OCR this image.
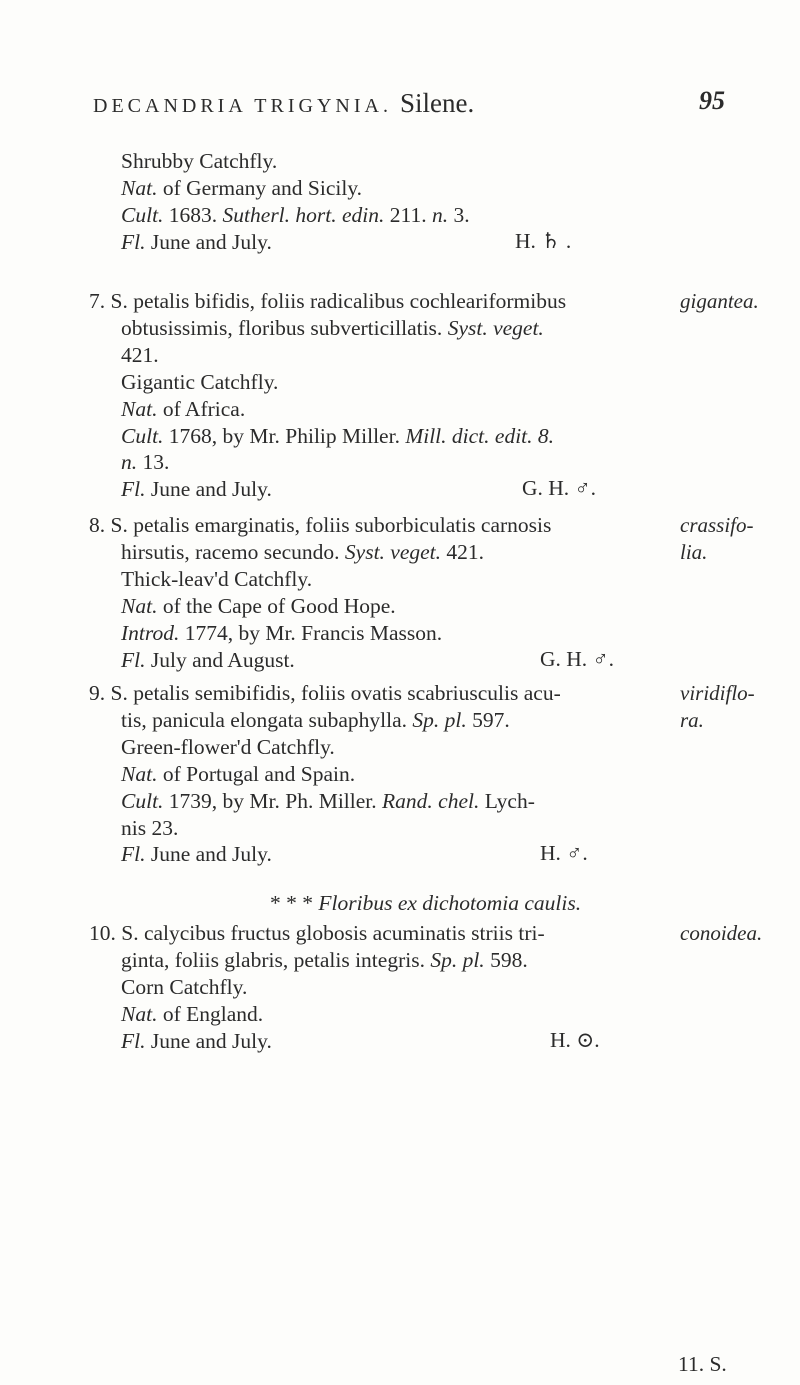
DECANDRIA TRIGYNIA. Silene.	95
Shrubby Catchfly.
Nat. of Germany and Sicily.
Cult. 1683. Sutherl. hort. edin. 211. n. 3.
Fl. June and July.	H. ♄ .
7. S. petalis bifidis, foliis radicalibus cochleariformibus
obtusissimis, floribus subverticillatis. Syst. veget.
421.
Gigantic Catchfly.
Nat. of Africa.
Cult. 1768, by Mr. Philip Miller. Mill. dict. edit. 8.
n. 13.
Fl. June and July.	G. H. ♂.
gigantea.
8. S. petalis emarginatis, foliis suborbiculatis carnosis
hirsutis, racemo secundo. Syst. veget. 421.
Thick-leav'd Catchfly.
Nat. of the Cape of Good Hope.
Introd. 1774, by Mr. Francis Masson.
Fl. July and August.	G. H. ♂.
crassifo-
lia.
9. S. petalis semibifidis, foliis ovatis scabriusculis acu-
tis, panicula elongata subaphylla. Sp. pl. 597.
Green-flower'd Catchfly.
Nat. of Portugal and Spain.
Cult. 1739, by Mr. Ph. Miller. Rand. chel. Lych-
nis 23.
Fl. June and July.	H. ♂.
viridiflo-
ra.
* * * Floribus ex dichotomia caulis.
10. S. calycibus fructus globosis acuminatis striis tri-
ginta, foliis glabris, petalis integris. Sp. pl. 598.
Corn Catchfly.
Nat. of England.
Fl. June and July.	H. ⊙.
conoidea.
11. S.
